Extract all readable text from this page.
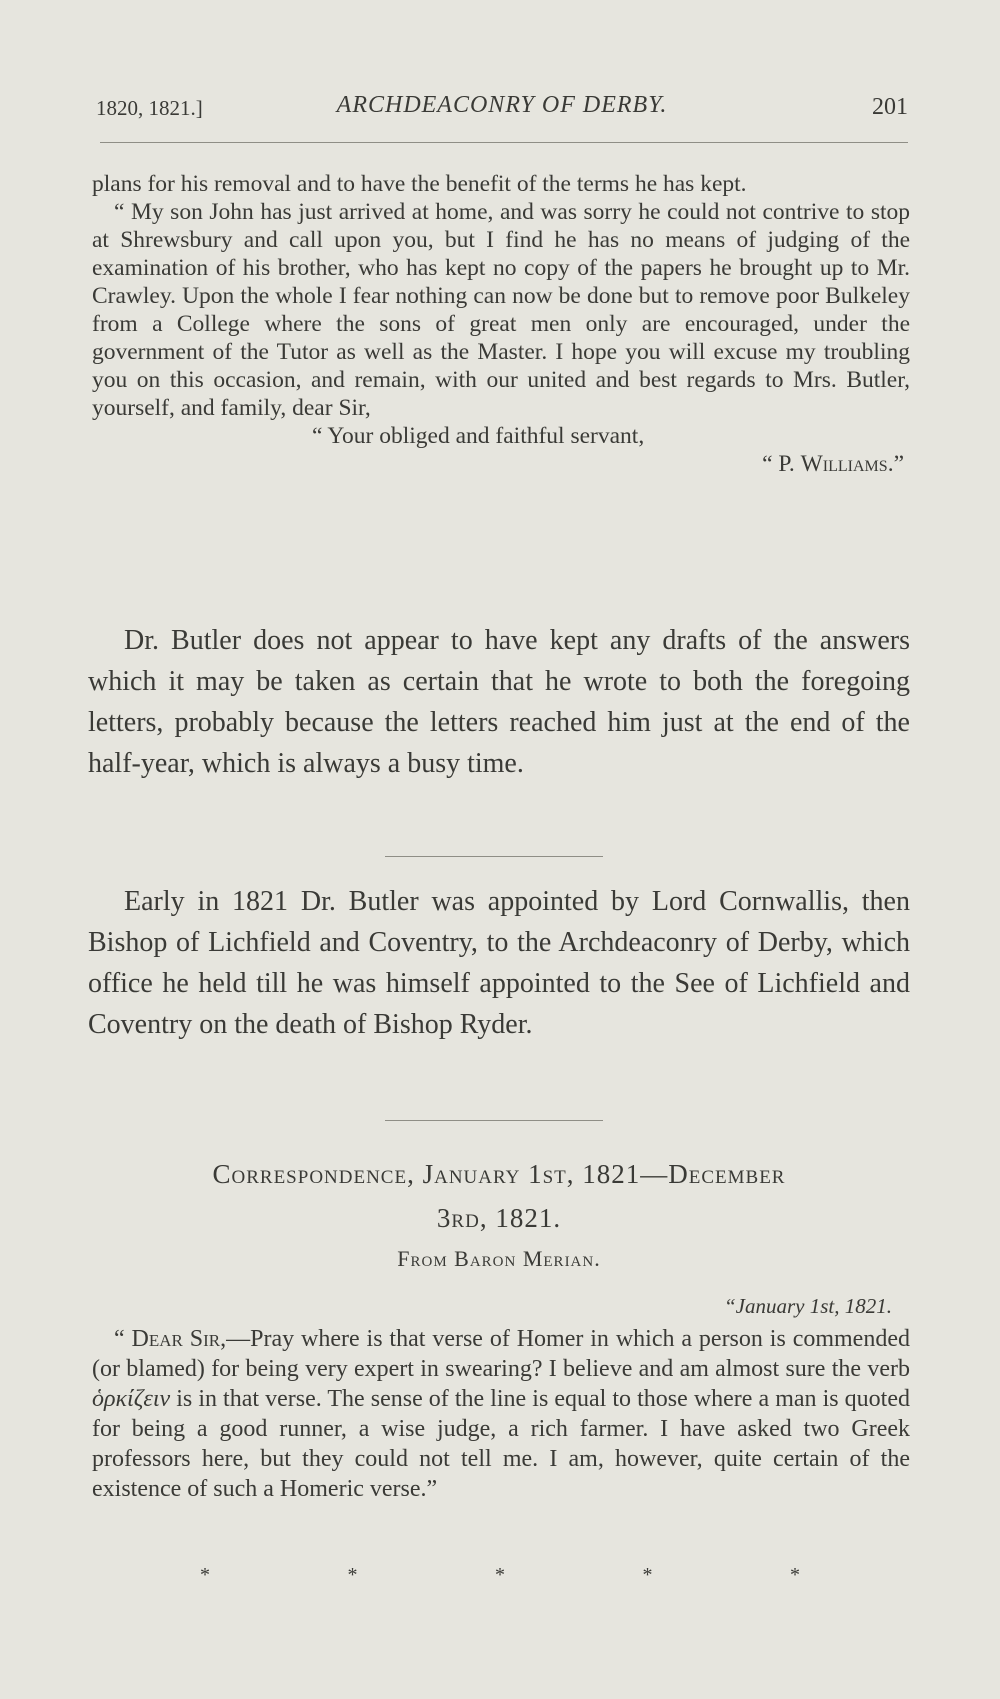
1820, 1821.]	ARCHDEACONRY OF DERBY.	201

plans for his removal and to have the benefit of the terms he has kept.

“ My son John has just arrived at home, and was sorry he could not contrive to stop at Shrewsbury and call upon you, but I find he has no means of judging of the examination of his brother, who has kept no copy of the papers he brought up to Mr. Crawley. Upon the whole I fear nothing can now be done but to remove poor Bulkeley from a College where the sons of great men only are encouraged, under the government of the Tutor as well as the Master. I hope you will excuse my troubling you on this occasion, and remain, with our united and best regards to Mrs. Butler, yourself, and family, dear Sir,

“ Your obliged and faithful servant,

“ P. Williams.”

Dr. Butler does not appear to have kept any drafts of the answers which it may be taken as certain that he wrote to both the foregoing letters, probably because the letters reached him just at the end of the half-year, which is always a busy time.

Early in 1821 Dr. Butler was appointed by Lord Cornwallis, then Bishop of Lichfield and Coventry, to the Archdeaconry of Derby, which office he held till he was himself appointed to the See of Lichfield and Coventry on the death of Bishop Ryder.

Correspondence, January 1st, 1821—December
3rd, 1821.
From Baron Merian.
“January 1st, 1821.

“ Dear Sir,—Pray where is that verse of Homer in which a person is commended (or blamed) for being very expert in swearing? I believe and am almost sure the verb ὁρκίζειν is in that verse. The sense of the line is equal to those where a man is quoted for being a good runner, a wise judge, a rich farmer. I have asked two Greek professors here, but they could not tell me. I am, however, quite certain of the existence of such a Homeric verse.”

*	*	*	*	*
